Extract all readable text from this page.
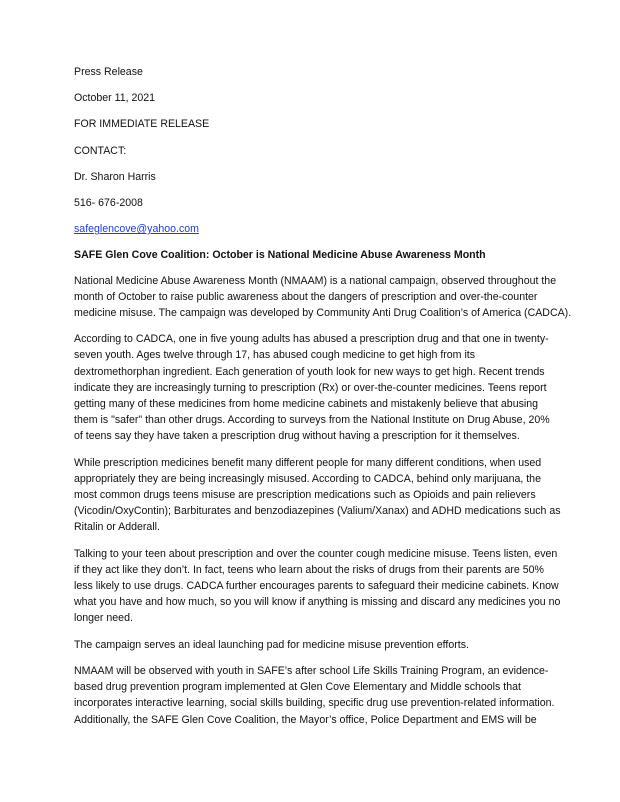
Press Release
October 11, 2021
FOR IMMEDIATE RELEASE
CONTACT:
Dr. Sharon Harris
516- 676-2008
safeglencove@yahoo.com
SAFE Glen Cove Coalition: October is National Medicine Abuse Awareness Month
National Medicine Abuse Awareness Month (NMAAM) is a national campaign, observed throughout the
month of October to raise public awareness about the dangers of prescription and over-the-counter
medicine misuse. The campaign was developed by Community Anti Drug Coalition’s of America (CADCA).
According to CADCA, one in five young adults has abused a prescription drug and that one in twenty-
seven youth. Ages twelve through 17, has abused cough medicine to get high from its
dextromethorphan ingredient. Each generation of youth look for new ways to get high. Recent trends
indicate they are increasingly turning to prescription (Rx) or over-the-counter medicines. Teens report
getting many of these medicines from home medicine cabinets and mistakenly believe that abusing
them is "safer" than other drugs. According to surveys from the National Institute on Drug Abuse, 20%
of teens say they have taken a prescription drug without having a prescription for it themselves.
While prescription medicines benefit many different people for many different conditions, when used
appropriately they are being increasingly misused. According to CADCA, behind only marijuana, the
most common drugs teens misuse are prescription medications such as Opioids and pain relievers
(Vicodin/OxyContin); Barbiturates and benzodiazepines (Valium/Xanax) and ADHD medications such as
Ritalin or Adderall.
Talking to your teen about prescription and over the counter cough medicine misuse. Teens listen, even
if they act like they don’t. In fact, teens who learn about the risks of drugs from their parents are 50%
less likely to use drugs. CADCA further encourages parents to safeguard their medicine cabinets. Know
what you have and how much, so you will know if anything is missing and discard any medicines you no
longer need.
The campaign serves an ideal launching pad for medicine misuse prevention efforts.
NMAAM will be observed with youth in SAFE’s after school Life Skills Training Program, an evidence-
based drug prevention program implemented at Glen Cove Elementary and Middle schools that
incorporates interactive learning, social skills building, specific drug use prevention-related information.
Additionally, the SAFE Glen Cove Coalition, the Mayor’s office, Police Department and EMS will be
